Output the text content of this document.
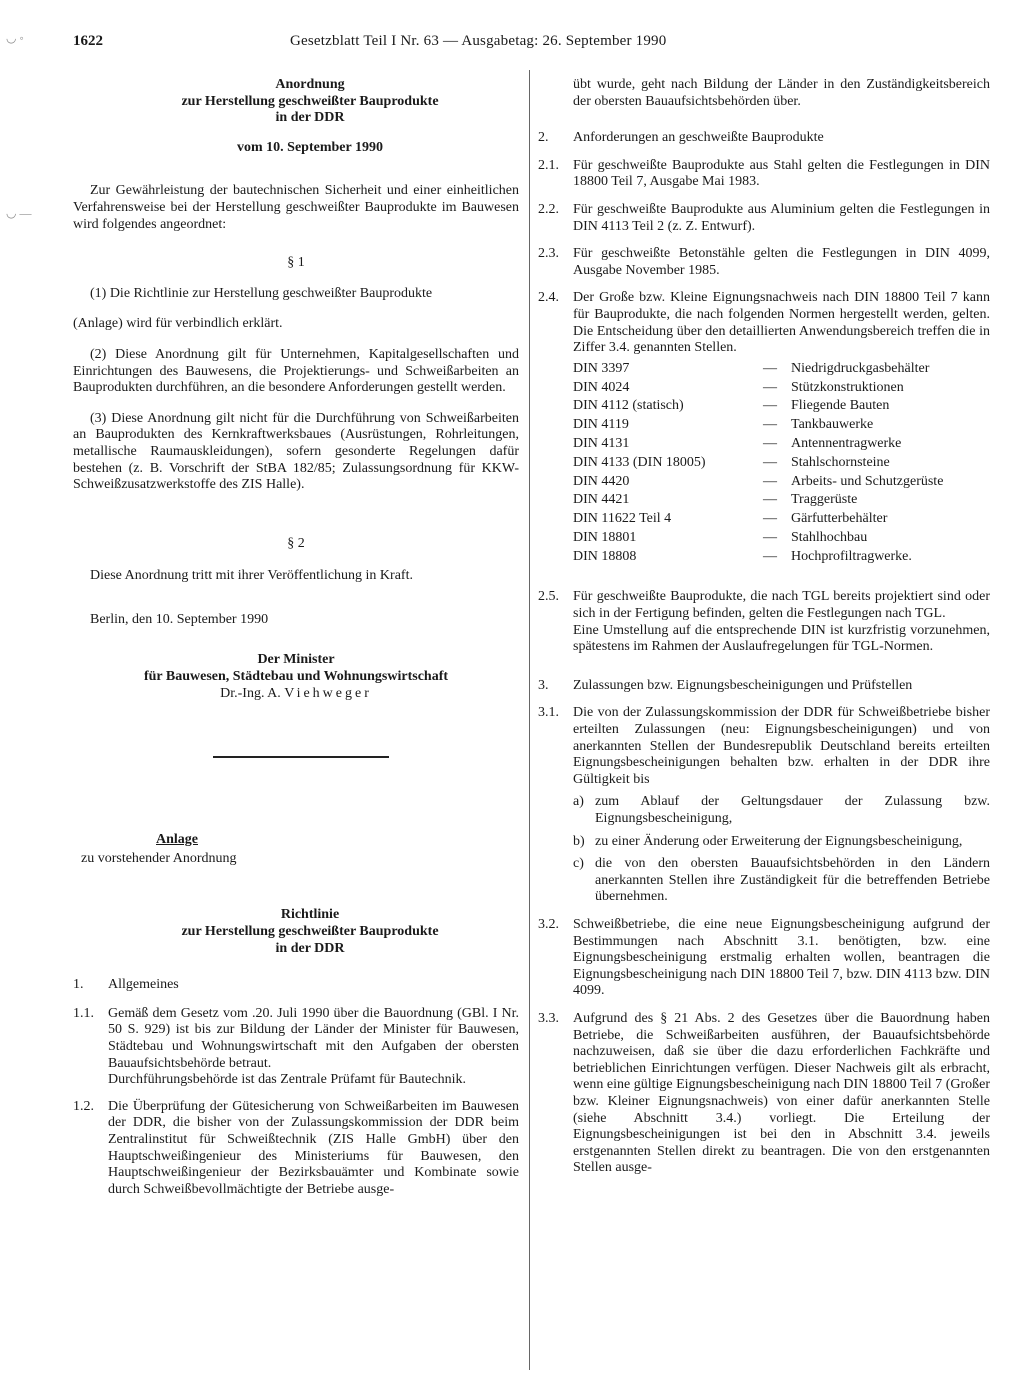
◡ ◦
◡ —
1622	Gesetzblatt Teil I Nr. 63 — Ausgabetag: 26. September 1990
Anordnung
zur Herstellung geschweißter Bauprodukte
in der DDR
vom 10. September 1990

Zur Gewährleistung der bautechnischen Sicherheit und einer einheitlichen Verfahrensweise bei der Herstellung geschweißter Bauprodukte im Bauwesen wird folgendes angeordnet:

§ 1

(1) Die Richtlinie zur Herstellung geschweißter Bauprodukte

(Anlage) wird für verbindlich erklärt.

(2) Diese Anordnung gilt für Unternehmen, Kapitalgesellschaften und Einrichtungen des Bauwesens, die Projektierungs- und Schweißarbeiten an Bauprodukten durchführen, an die besondere Anforderungen gestellt werden.

(3) Diese Anordnung gilt nicht für die Durchführung von Schweißarbeiten an Bauprodukten des Kernkraftwerksbaues (Ausrüstungen, Rohrleitungen, metallische Raumauskleidungen), sofern gesonderte Regelungen dafür bestehen (z. B. Vorschrift der StBA 182/85; Zulassungsordnung für KKW-Schweißzusatzwerkstoffe des ZIS Halle).

§ 2

Diese Anordnung tritt mit ihrer Veröffentlichung in Kraft.

Berlin, den 10. September 1990

Der Minister
für Bauwesen, Städtebau und Wohnungswirtschaft
Dr.-Ing. A. Viehweger
Anlage
zu vorstehender Anordnung
Richtlinie
zur Herstellung geschweißter Bauprodukte
in der DDR
1.	Allgemeines
1.1.	Gemäß dem Gesetz vom .20. Juli 1990 über die Bauordnung (GBl. I Nr. 50 S. 929) ist bis zur Bildung der Länder der Minister für Bauwesen, Städtebau und Wohnungswirtschaft mit den Aufgaben der obersten Bauaufsichtsbehörde betraut.

Durchführungsbehörde ist das Zentrale Prüfamt für Bautechnik.

1.2.	Die Überprüfung der Gütesicherung von Schweißarbeiten im Bauwesen der DDR, die bisher von der Zulassungskommission der DDR beim Zentralinstitut für Schweißtechnik (ZIS Halle GmbH) über den Hauptschweißingenieur des Ministeriums für Bauwesen, den Hauptschweißingenieur der Bezirksbauämter und Kombinate sowie durch Schweißbevollmächtigte der Betriebe ausge-

übt wurde, geht nach Bildung der Länder in den Zuständigkeitsbereich der obersten Bauaufsichtsbehörden über.

2.	Anforderungen an geschweißte Bauprodukte
2.1.	Für geschweißte Bauprodukte aus Stahl gelten die Festlegungen in DIN 18800 Teil 7, Ausgabe Mai 1983.

2.2.	Für geschweißte Bauprodukte aus Aluminium gelten die Festlegungen in DIN 4113 Teil 2 (z. Z. Entwurf).

2.3.	Für geschweißte Betonstähle gelten die Festlegungen in DIN 4099, Ausgabe November 1985.

2.4.	Der Große bzw. Kleine Eignungsnachweis nach DIN 18800 Teil 7 kann für Bauprodukte, die nach folgenden Normen hergestellt werden, gelten. Die Entscheidung über den detaillierten Anwendungsbereich treffen die in Ziffer 3.4. genannten Stellen.

DIN 3397	—	Niedrigdruckgasbehälter
DIN 4024	—	Stützkonstruktionen
DIN 4112 (statisch)	—	Fliegende Bauten
DIN 4119	—	Tankbauwerke
DIN 4131	—	Antennentragwerke
DIN 4133 (DIN 18005)	—	Stahlschornsteine
DIN 4420	—	Arbeits- und Schutzgerüste
DIN 4421	—	Traggerüste
DIN 11622 Teil 4	—	Gärfutterbehälter
DIN 18801	—	Stahlhochbau
DIN 18808	—	Hochprofiltragwerke.
2.5.	Für geschweißte Bauprodukte, die nach TGL bereits projektiert sind oder sich in der Fertigung befinden, gelten die Festlegungen nach TGL.

Eine Umstellung auf die entsprechende DIN ist kurzfristig vorzunehmen, spätestens im Rahmen der Auslaufregelungen für TGL-Normen.

3.	Zulassungen bzw. Eignungsbescheinigungen und Prüfstellen
3.1.	Die von der Zulassungskommission der DDR für Schweißbetriebe bisher erteilten Zulassungen (neu: Eignungsbescheinigungen) und von anerkannten Stellen der Bundesrepublik Deutschland bereits erteilten Eignungsbescheinigungen behalten bzw. erhalten in der DDR ihre Gültigkeit bis

a) zum Ablauf der Geltungsdauer der Zulassung bzw. Eignungsbescheinigung,

b) zu einer Änderung oder Erweiterung der Eignungsbescheinigung,

c) die von den obersten Bauaufsichtsbehörden in den Ländern anerkannten Stellen ihre Zuständigkeit für die betreffenden Betriebe übernehmen.

3.2.	Schweißbetriebe, die eine neue Eignungsbescheinigung aufgrund der Bestimmungen nach Abschnitt 3.1. benötigten, bzw. eine Eignungsbescheinigung erstmalig erhalten wollen, beantragen die Eignungsbescheinigung nach DIN 18800 Teil 7, bzw. DIN 4113 bzw. DIN 4099.

3.3.	Aufgrund des § 21 Abs. 2 des Gesetzes über die Bauordnung haben Betriebe, die Schweißarbeiten ausführen, der Bauaufsichtsbehörde nachzuweisen, daß sie über die dazu erforderlichen Fachkräfte und betrieblichen Einrichtungen verfügen. Dieser Nachweis gilt als erbracht, wenn eine gültige Eignungsbescheinigung nach DIN 18800 Teil 7 (Großer bzw. Kleiner Eignungsnachweis) von einer dafür anerkannten Stelle (siehe Abschnitt 3.4.) vorliegt. Die Erteilung der Eignungsbescheinigungen ist bei den in Abschnitt 3.4. jeweils erstgenannten Stellen direkt zu beantragen. Die von den erstgenannten Stellen ausge-
